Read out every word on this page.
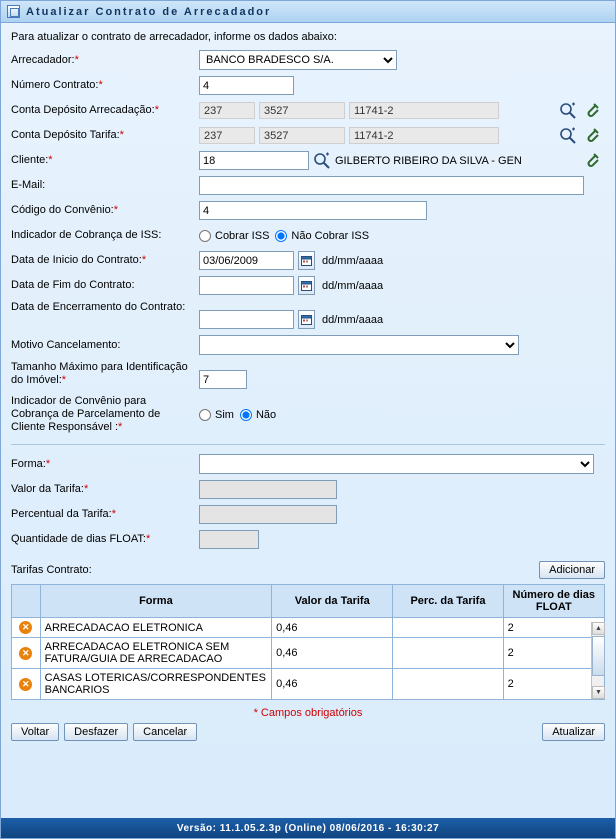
Atualizar Contrato de Arrecadador
Para atualizar o contrato de arrecadador, informe os dados abaixo:
Arrecadador:*
BANCO BRADESCO S/A.
Número Contrato:*
4
Conta Depósito Arrecadação:*	237	3527	11741-2
Conta Depósito Tarifa:*	237	3527	11741-2
Cliente:*
18	GILBERTO RIBEIRO DA SILVA - GEN
E-Mail:
Código do Convênio:*
4
Indicador de Cobrança de ISS:	Cobrar ISS Não Cobrar ISS
Data de Inicio do Contrato:*
03/06/2009	dd/mm/aaaa
Data de Fim do Contrato:	dd/mm/aaaa
Data de Encerramento do Contrato:
dd/mm/aaaa
Motivo Cancelamento:
Tamanho Máximo para Identificação do Imóvel:*
7
Indicador de Convênio para Cobrança de Parcelamento de Cliente Responsável :*
Sim Não
Forma:*
Valor da Tarifa:*
Percentual da Tarifa:*
Quantidade de dias FLOAT:*
Tarifas Contrato:	Adicionar
	Forma	Valor da Tarifa	Perc. da Tarifa	Número de dias FLOAT
✕	ARRECADACAO ELETRONICA	0,46		2
✕	ARRECADACAO ELETRONICA SEM FATURA/GUIA DE ARRECADACAO	0,46		2
✕	CASAS LOTERICAS/CORRESPONDENTES BANCARIOS	0,46		2
▲
▼
* Campos obrigatórios
Voltar	Desfazer	Cancelar	Atualizar
Versão: 11.1.05.2.3p (Online) 08/06/2016 - 16:30:27
